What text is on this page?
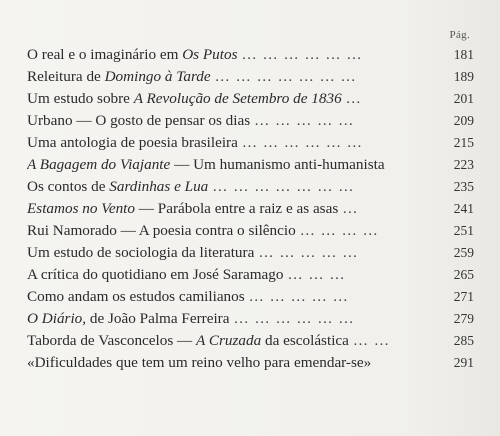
Pág.
O real e o imaginário em Os Putos … … … … … …	181
Releitura de Domingo à Tarde … … … … … … …	189
Um estudo sobre A Revolução de Setembro de 1836 …	201
Urbano — O gosto de pensar os dias … … … … …	209
Uma antologia de poesia brasileira … … … … … …	215
A Bagagem do Viajante — Um humanismo anti-humanista	223
Os contos de Sardinhas e Lua … … … … … … …	235
Estamos no Vento — Parábola entre a raiz e as asas …	241
Rui Namorado — A poesia contra o silêncio … … … …	251
Um estudo de sociologia da literatura … … … … …	259
A crítica do quotidiano em José Saramago … … …	265
Como andam os estudos camilianos … … … … …	271
O Diário, de João Palma Ferreira … … … … … …	279
Taborda de Vasconcelos — A Cruzada da escolástica … …	285
«Dificuldades que tem um reino velho para emendar-se»	291
